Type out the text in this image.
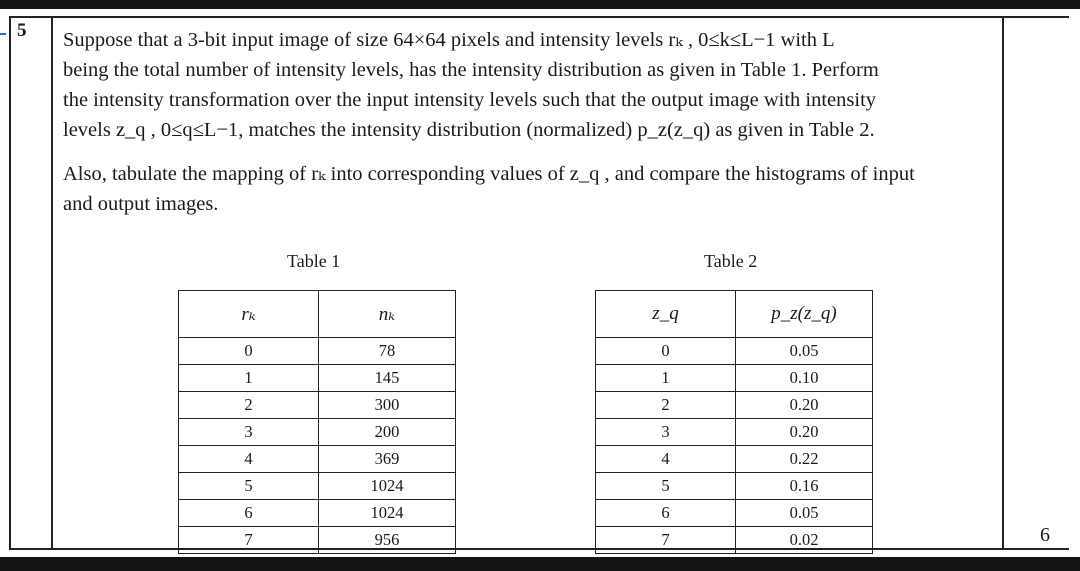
5
6

Suppose that a 3-bit input image of size 64×64 pixels and intensity levels rₖ , 0≤k≤L−1 with L

being the total number of intensity levels, has the intensity distribution as given in Table 1. Perform

the intensity transformation over the input intensity levels such that the output image with intensity

levels z_q , 0≤q≤L−1, matches the intensity distribution (normalized) p_z(z_q) as given in Table 2.

Also, tabulate the mapping of rₖ into corresponding values of z_q , and compare the histograms of input

and output images.

Table 1	Table 2
rₖ	nₖ
0	78
1	145
2	300
3	200
4	369
5	1024
6	1024
7	956
z_q	p_z(z_q)
0	0.05
1	0.10
2	0.20
3	0.20
4	0.22
5	0.16
6	0.05
7	0.02
